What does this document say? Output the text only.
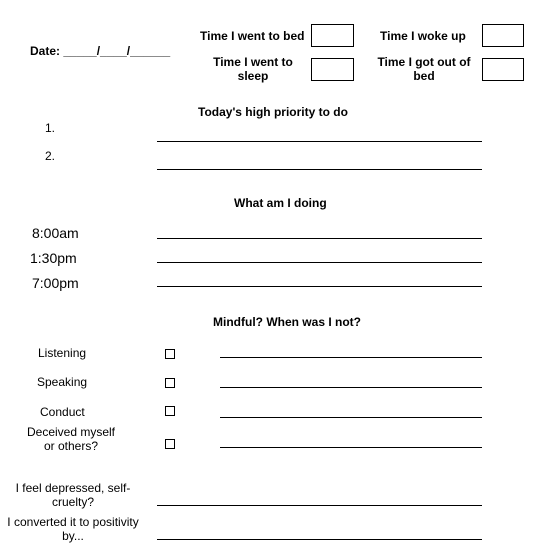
Date: _____/____/______
Time I went to bed	Time I woke up
Time I went to
sleep
Time I got out of
bed
Today's high priority to do
1.
2.
What am I doing
8:00am
1:30pm
7:00pm
Mindful? When was I not?
Listening
Speaking
Conduct
Deceived myself
or others?
I feel depressed, self-
cruelty?
I converted it to positivity
by...
